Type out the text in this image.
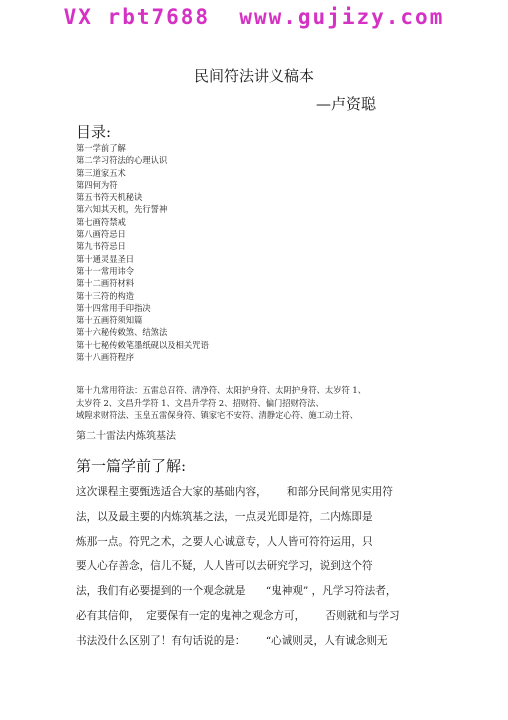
VX rbt7688  www.gujizy.com
民间符法讲义稿本
—卢资聪
目录:
第一学前了解
第二学习符法的心理认识
第三道家五术
第四何为符
第五书符天机秘诀
第六知其天机，先行誓神
第七画符禁戒
第八画符忌日
第九书符忌日
第十通灵显圣日
第十一常用讳令
第十二画符材料
第十三符的构造
第十四常用手印指决
第十五画符须知篇
第十六秘传敕煞、结煞法
第十七秘传敕笔墨纸砚以及相关咒语
第十八画符程序
第十九常用符法：五雷总召符、清净符、太阳护身符、太阴护身符、太岁符 1、
太岁符 2、文昌升学符 1、文昌升学符 2、招财符、偏门招财符法、
域隍求财符法、玉皇五雷保身符、镇家宅不安符、清静定心符、施工动土符、
第二十雷法内炼筑基法
第一篇学前了解:

这次课程主要甄选适合大家的基础内容，      和部分民间常见实用符

法，以及最主要的内炼筑基之法，一点灵光即是符，二内炼即是

炼那一点。符咒之术，之要人心诚意专，人人皆可符符运用，只

要人心存善念，信儿不疑，人人皆可以去研究学习，说到这个符

法，我们有必要提到的一个观念就是      “鬼神观” ，凡学习符法者，

必有其信仰，  定要保有一定的鬼神之观念方可，      否则就和与学习

书法没什么区别了！有句话说的是：      “心诚则灵，人有诚念则无
